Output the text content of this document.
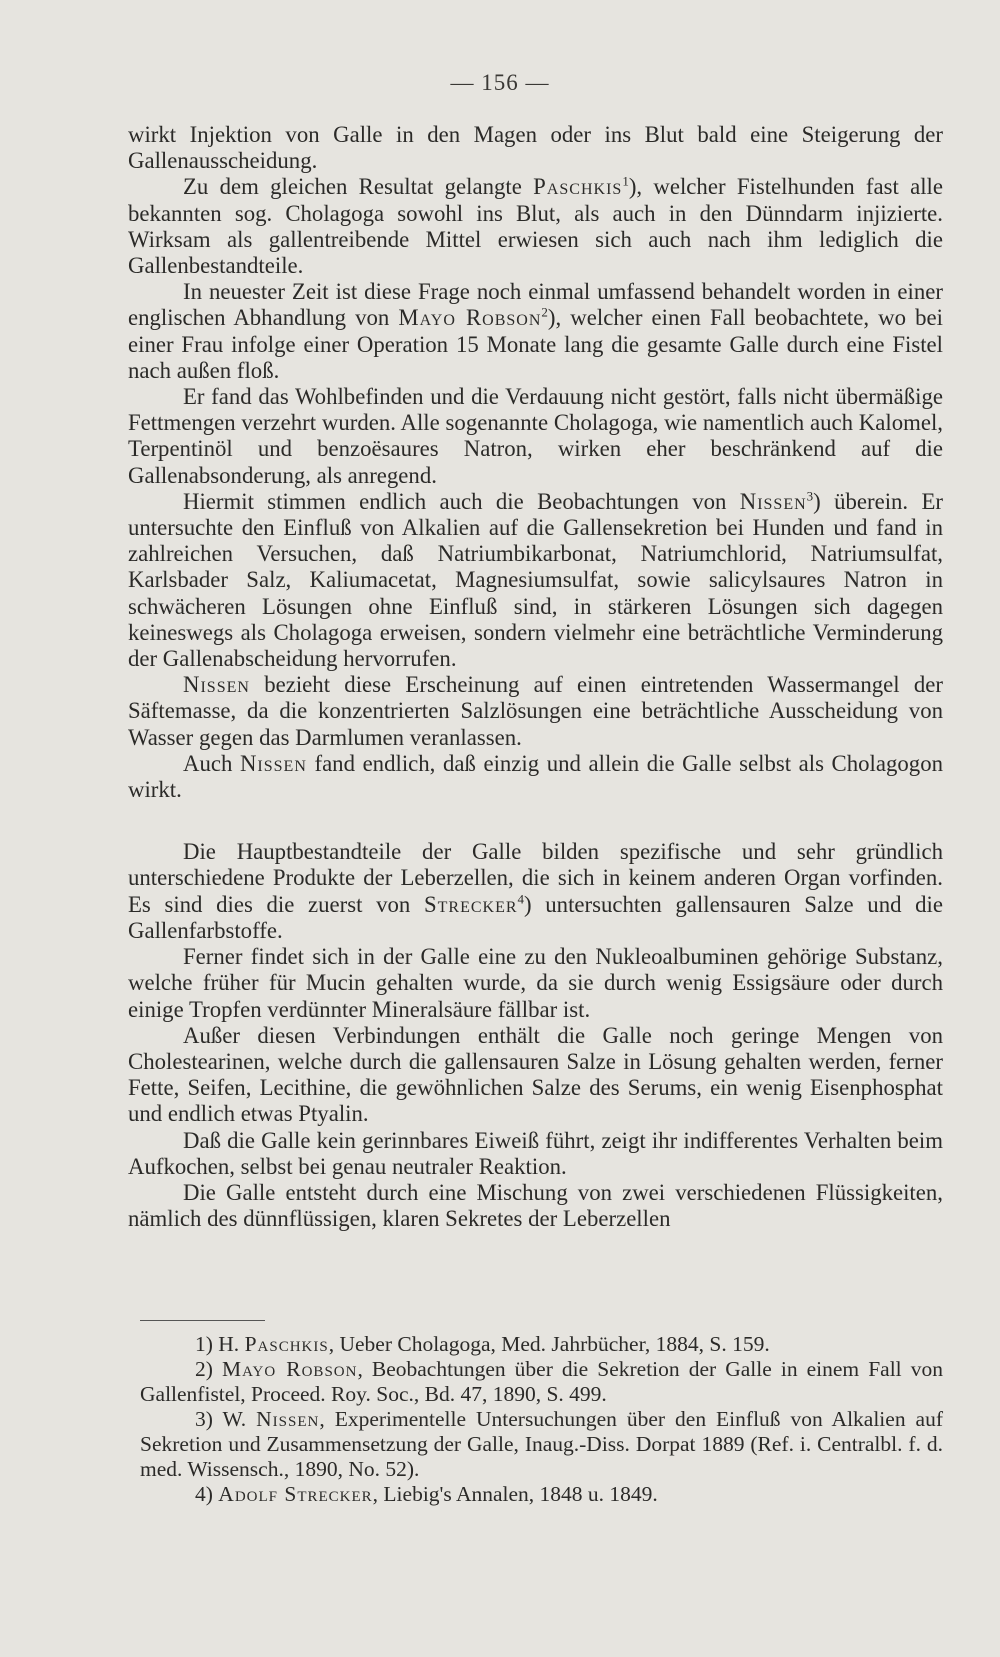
— 156 —

wirkt Injektion von Galle in den Magen oder ins Blut bald eine Steigerung der Gallenausscheidung.

Zu dem gleichen Resultat gelangte Paschkis$^1$), welcher Fistelhunden fast alle bekannten sog. Cholagoga sowohl ins Blut, als auch in den Dünndarm injizierte. Wirksam als gallentreibende Mittel erwiesen sich auch nach ihm lediglich die Gallenbestandteile.

In neuester Zeit ist diese Frage noch einmal umfassend behandelt worden in einer englischen Abhandlung von Mayo Robson$^2$), welcher einen Fall beobachtete, wo bei einer Frau infolge einer Operation 15 Monate lang die gesamte Galle durch eine Fistel nach außen floß.

Er fand das Wohlbefinden und die Verdauung nicht gestört, falls nicht übermäßige Fettmengen verzehrt wurden. Alle sogenannte Cholagoga, wie namentlich auch Kalomel, Terpentinöl und benzoësaures Natron, wirken eher beschränkend auf die Gallenabsonderung, als anregend.

Hiermit stimmen endlich auch die Beobachtungen von Nissen$^3$) überein. Er untersuchte den Einfluß von Alkalien auf die Gallensekretion bei Hunden und fand in zahlreichen Versuchen, daß Natriumbikarbonat, Natriumchlorid, Natriumsulfat, Karlsbader Salz, Kaliumacetat, Magnesiumsulfat, sowie salicylsaures Natron in schwächeren Lösungen ohne Einfluß sind, in stärkeren Lösungen sich dagegen keineswegs als Cholagoga erweisen, sondern vielmehr eine beträchtliche Verminderung der Gallenabscheidung hervorrufen.

Nissen bezieht diese Erscheinung auf einen eintretenden Wassermangel der Säftemasse, da die konzentrierten Salzlösungen eine beträchtliche Ausscheidung von Wasser gegen das Darmlumen veranlassen.

Auch Nissen fand endlich, daß einzig und allein die Galle selbst als Cholagogon wirkt.

Die Hauptbestandteile der Galle bilden spezifische und sehr gründlich unterschiedene Produkte der Leberzellen, die sich in keinem anderen Organ vorfinden. Es sind dies die zuerst von Strecker$^4$) untersuchten gallensauren Salze und die Gallenfarbstoffe.

Ferner findet sich in der Galle eine zu den Nukleoalbuminen gehörige Substanz, welche früher für Mucin gehalten wurde, da sie durch wenig Essigsäure oder durch einige Tropfen verdünnter Mineralsäure fällbar ist.

Außer diesen Verbindungen enthält die Galle noch geringe Mengen von Cholestearinen, welche durch die gallensauren Salze in Lösung gehalten werden, ferner Fette, Seifen, Lecithine, die gewöhnlichen Salze des Serums, ein wenig Eisenphosphat und endlich etwas Ptyalin.

Daß die Galle kein gerinnbares Eiweiß führt, zeigt ihr indifferentes Verhalten beim Aufkochen, selbst bei genau neutraler Reaktion.

Die Galle entsteht durch eine Mischung von zwei verschiedenen Flüssigkeiten, nämlich des dünnflüssigen, klaren Sekretes der Leberzellen

1) H. Paschkis, Ueber Cholagoga, Med. Jahrbücher, 1884, S. 159.

2) Mayo Robson, Beobachtungen über die Sekretion der Galle in einem Fall von Gallenfistel, Proceed. Roy. Soc., Bd. 47, 1890, S. 499.

3) W. Nissen, Experimentelle Untersuchungen über den Einfluß von Alkalien auf Sekretion und Zusammensetzung der Galle, Inaug.-Diss. Dorpat 1889 (Ref. i. Centralbl. f. d. med. Wissensch., 1890, No. 52).

4) Adolf Strecker, Liebig's Annalen, 1848 u. 1849.
